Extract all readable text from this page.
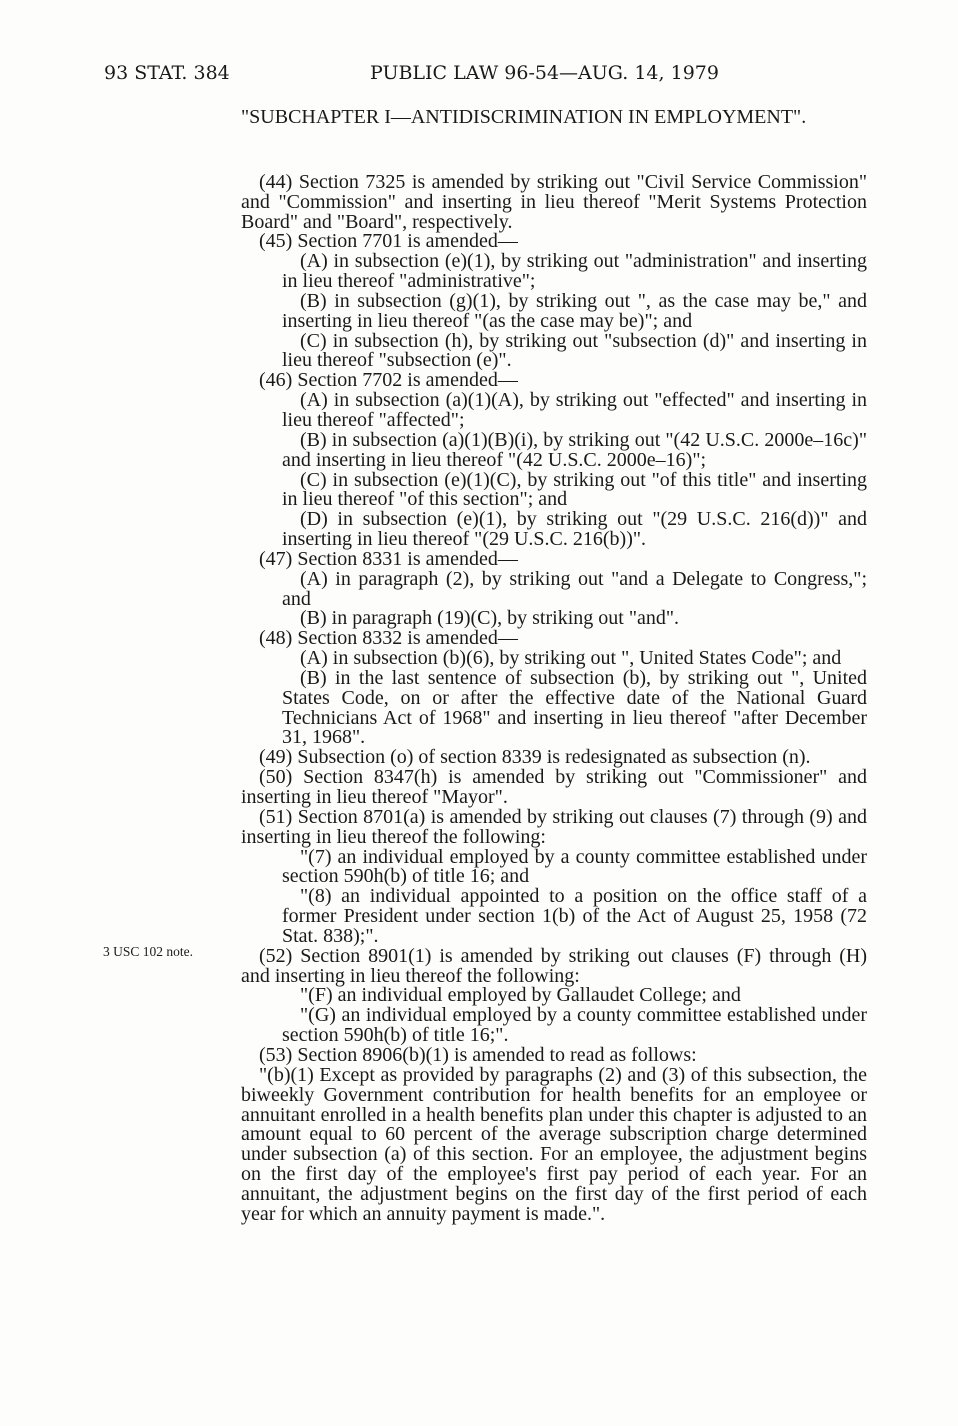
93 STAT. 384	PUBLIC LAW 96-54—AUG. 14, 1979
3 USC 102 note.

"SUBCHAPTER I—ANTIDISCRIMINATION IN EMPLOYMENT".

(44) Section 7325 is amended by striking out "Civil Service Commission" and "Commission" and inserting in lieu thereof "Merit Systems Protection Board" and "Board", respectively.

(45) Section 7701 is amended—

(A) in subsection (e)(1), by striking out "administration" and inserting in lieu thereof "administrative";

(B) in subsection (g)(1), by striking out ", as the case may be," and inserting in lieu thereof "(as the case may be)"; and

(C) in subsection (h), by striking out "subsection (d)" and inserting in lieu thereof "subsection (e)".

(46) Section 7702 is amended—

(A) in subsection (a)(1)(A), by striking out "effected" and inserting in lieu thereof "affected";

(B) in subsection (a)(1)(B)(i), by striking out "(42 U.S.C. 2000e–16c)" and inserting in lieu thereof "(42 U.S.C. 2000e–16)";

(C) in subsection (e)(1)(C), by striking out "of this title" and inserting in lieu thereof "of this section"; and

(D) in subsection (e)(1), by striking out "(29 U.S.C. 216(d))" and inserting in lieu thereof "(29 U.S.C. 216(b))".

(47) Section 8331 is amended—

(A) in paragraph (2), by striking out "and a Delegate to Congress,"; and

(B) in paragraph (19)(C), by striking out "and".

(48) Section 8332 is amended—

(A) in subsection (b)(6), by striking out ", United States Code"; and

(B) in the last sentence of subsection (b), by striking out ", United States Code, on or after the effective date of the National Guard Technicians Act of 1968" and inserting in lieu thereof "after December 31, 1968".

(49) Subsection (o) of section 8339 is redesignated as subsection (n).

(50) Section 8347(h) is amended by striking out "Commissioner" and inserting in lieu thereof "Mayor".

(51) Section 8701(a) is amended by striking out clauses (7) through (9) and inserting in lieu thereof the following:

"(7) an individual employed by a county committee established under section 590h(b) of title 16; and

"(8) an individual appointed to a position on the office staff of a former President under section 1(b) of the Act of August 25, 1958 (72 Stat. 838);".

(52) Section 8901(1) is amended by striking out clauses (F) through (H) and inserting in lieu thereof the following:

"(F) an individual employed by Gallaudet College; and

"(G) an individual employed by a county committee established under section 590h(b) of title 16;".

(53) Section 8906(b)(1) is amended to read as follows:

"(b)(1) Except as provided by paragraphs (2) and (3) of this subsection, the biweekly Government contribution for health benefits for an employee or annuitant enrolled in a health benefits plan under this chapter is adjusted to an amount equal to 60 percent of the average subscription charge determined under subsection (a) of this section. For an employee, the adjustment begins on the first day of the employee's first pay period of each year. For an annuitant, the adjustment begins on the first day of the first period of each year for which an annuity payment is made.".
